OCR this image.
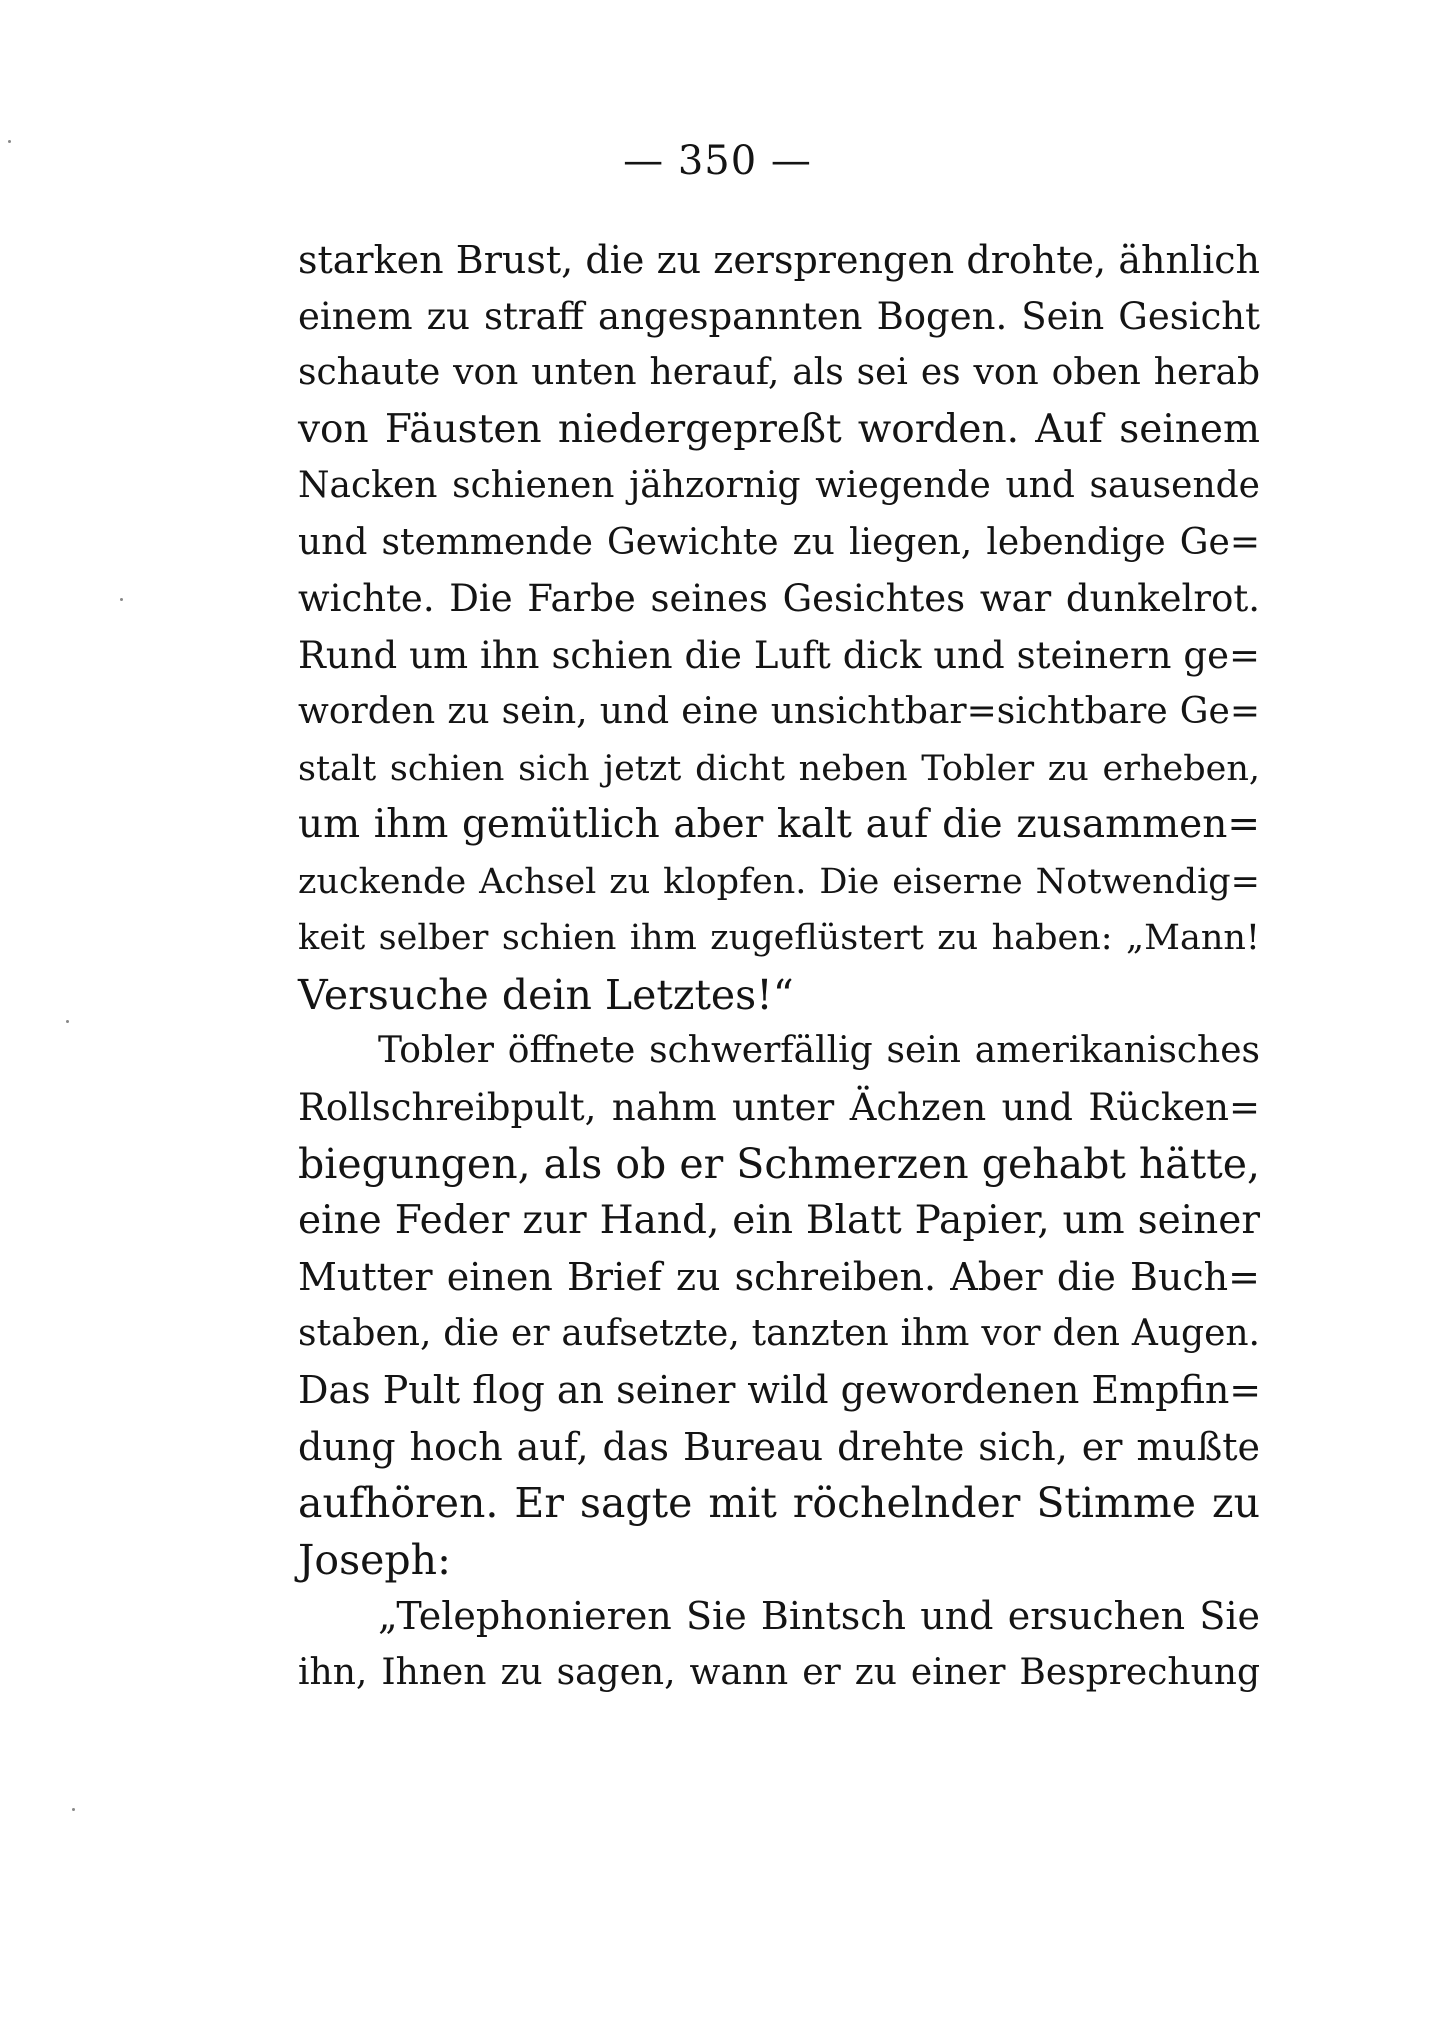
— 350 —
starken Brust, die zu zersprengen drohte, ähnlich
einem zu straff angespannten Bogen. Sein Gesicht
schaute von unten herauf, als sei es von oben herab
von Fäusten niedergepreßt worden. Auf seinem
Nacken schienen jähzornig wiegende und sausende
und stemmende Gewichte zu liegen, lebendige Ge=
wichte. Die Farbe seines Gesichtes war dunkelrot.
Rund um ihn schien die Luft dick und steinern ge=
worden zu sein, und eine unsichtbar=sichtbare Ge=
stalt schien sich jetzt dicht neben Tobler zu erheben,
um ihm gemütlich aber kalt auf die zusammen=
zuckende Achsel zu klopfen. Die eiserne Notwendig=
keit selber schien ihm zugeflüstert zu haben: „Mann!
Versuche dein Letztes!“
Tobler öffnete schwerfällig sein amerikanisches
Rollschreibpult, nahm unter Ächzen und Rücken=
biegungen, als ob er Schmerzen gehabt hätte,
eine Feder zur Hand, ein Blatt Papier, um seiner
Mutter einen Brief zu schreiben. Aber die Buch=
staben, die er aufsetzte, tanzten ihm vor den Augen.
Das Pult flog an seiner wild gewordenen Empfin=
dung hoch auf, das Bureau drehte sich, er mußte
aufhören. Er sagte mit röchelnder Stimme zu
Joseph:
„Telephonieren Sie Bintsch und ersuchen Sie
ihn, Ihnen zu sagen, wann er zu einer Besprechung
